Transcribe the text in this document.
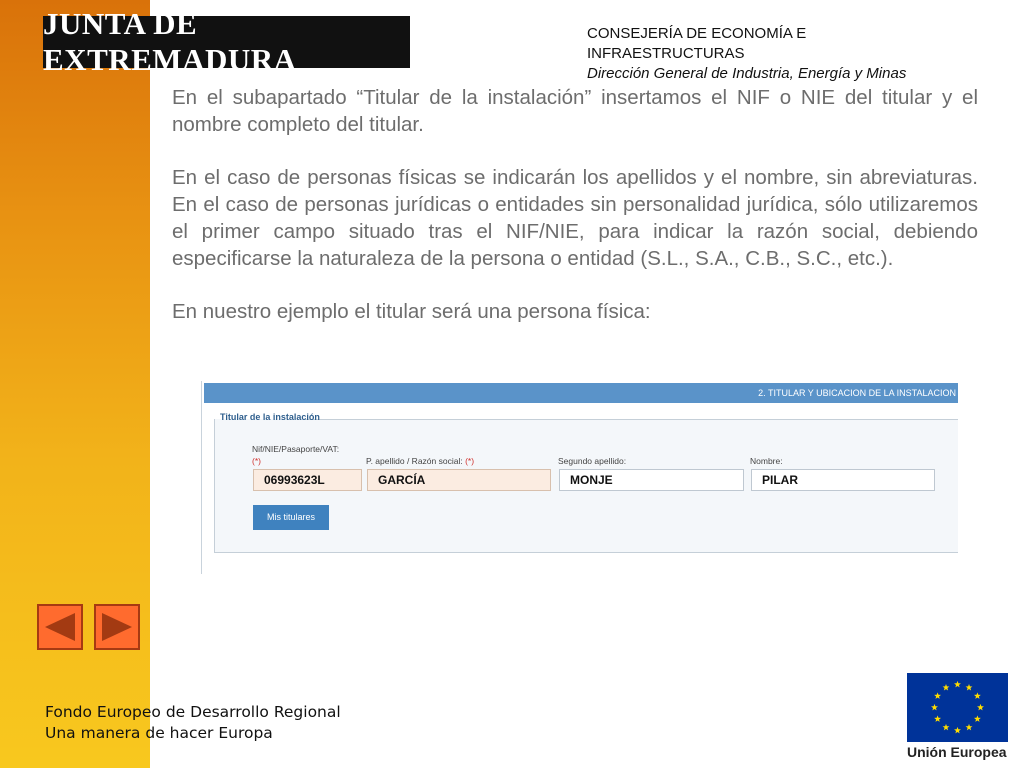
JUNTA DE EXTREMADURA
CONSEJERÍA DE ECONOMÍA E
INFRAESTRUCTURAS
Dirección General de Industria, Energía y Minas

En el subapartado “Titular de la instalación” insertamos el NIF o NIE del titular y el nombre completo del titular.

En el caso de personas físicas se indicarán los apellidos y el nombre, sin abreviaturas. En el caso de personas jurídicas o entidades sin personalidad jurídica, sólo utilizaremos el primer campo situado tras el NIF/NIE, para indicar la razón social, debiendo especificarse la naturaleza de la persona o entidad (S.L., S.A., C.B., S.C., etc.).

En nuestro ejemplo el titular será una persona física:

2. TITULAR Y UBICACION DE LA INSTALACION
Titular de la instalación
Nif/NIE/Pasaporte/VAT:
(*)
06993623L
P. apellido / Razón social: (*)
GARCÍA
Segundo apellido:
MONJE
Nombre:
PILAR
Mis titulares
Fondo Europeo de Desarrollo Regional
Una manera de hacer Europa
Unión Europea
